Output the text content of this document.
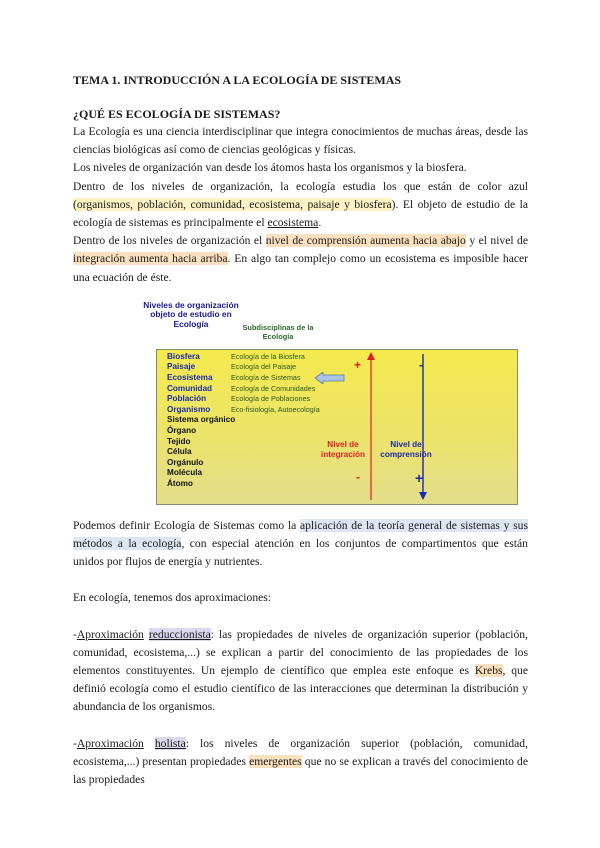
TEMA 1. INTRODUCCIÓN A LA ECOLOGÍA DE SISTEMAS
¿QUÉ ES ECOLOGÍA DE SISTEMAS?

La Ecología es una ciencia interdisciplinar que integra conocimientos de muchas áreas, desde las ciencias biológicas así como de ciencias geológicas y físicas.

Los niveles de organización van desde los átomos hasta los organismos y la biosfera.

Dentro de los niveles de organización, la ecología estudia los que están de color azul (organismos, población, comunidad, ecosistema, paisaje y biosfera). El objeto de estudio de la ecología de sistemas es principalmente el ecosistema.

Dentro de los niveles de organización el nivel de comprensión aumenta hacia abajo y el nivel de integración aumenta hacia arriba. En algo tan complejo como un ecosistema es imposible hacer una ecuación de éste.

Niveles de organización objeto de estudio en Ecología	Subdisciplinas de la Ecología
Biosfera
Paisaje
Ecosistema
Comunidad
Población
Organismo
Sistema orgánico
Órgano
Tejido
Célula
Orgánulo
Molécula
Átomo
Ecología de la Biosfera
Ecología del Paisaje
Ecología de Sistemas
Ecología de Comunidades
Ecología de Poblaciones
Eco-fisiología, Autoecología
+
-
-
+
Nivel de integración
Nivel de comprensión

Podemos definir Ecología de Sistemas como la aplicación de la teoría general de sistemas y sus métodos a la ecología, con especial atención en los conjuntos de compartimentos que están unidos por flujos de energía y nutrientes.

En ecología, tenemos dos aproximaciones:

-Aproximación reduccionista: las propiedades de niveles de organización superior (población, comunidad, ecosistema,...) se explican a partir del conocimiento de las propiedades de los elementos constituyentes. Un ejemplo de científico que emplea este enfoque es Krebs, que definió ecología como el estudio científico de las interacciones que determinan la distribución y abundancia de los organismos.

-Aproximación holista: los niveles de organización superior (población, comunidad, ecosistema,...) presentan propiedades emergentes que no se explican a través del conocimiento de las propiedades
